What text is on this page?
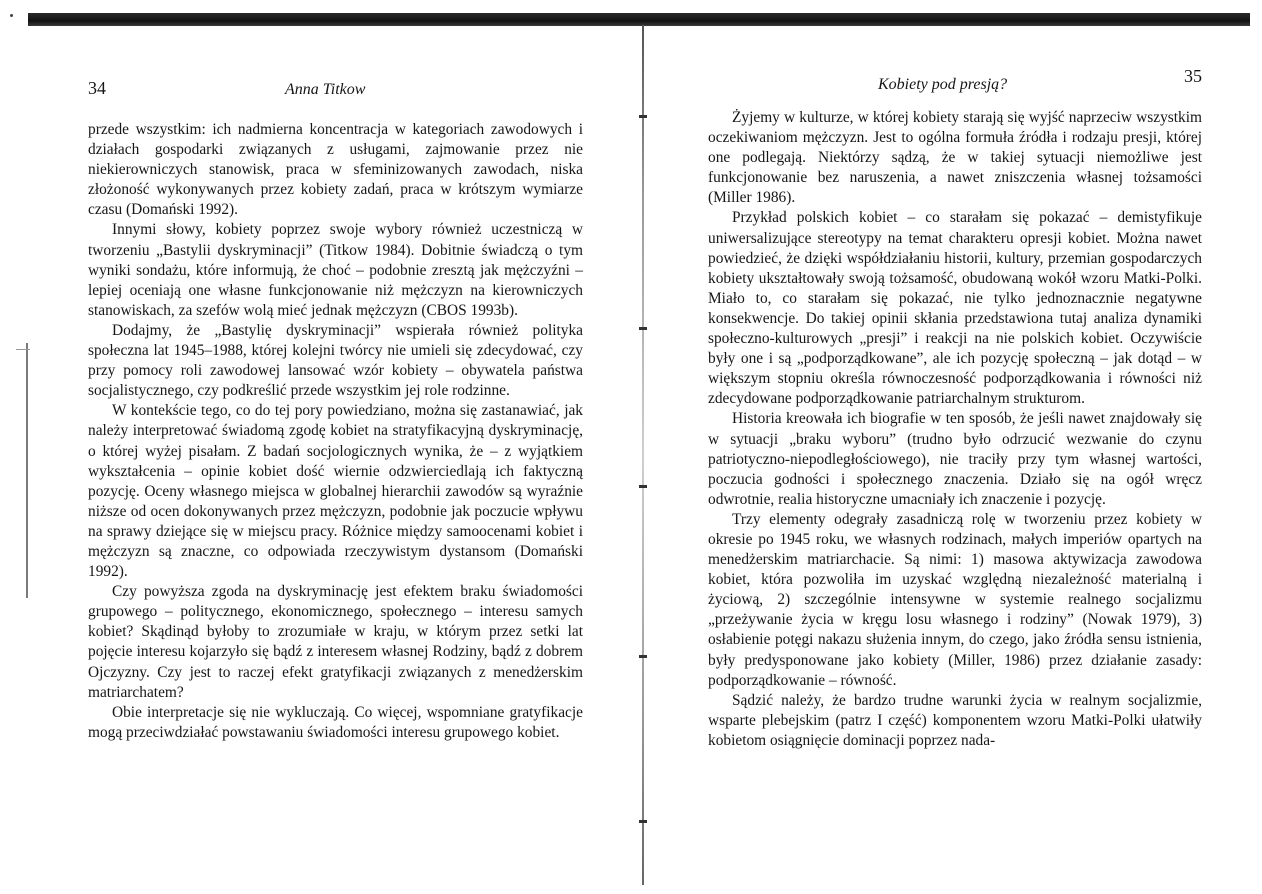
34	Anna Titkow

przede wszystkim: ich nadmierna koncentracja w kategoriach zawodowych i działach gospodarki związanych z usługami, zajmowanie przez nie niekierowniczych stanowisk, praca w sfeminizowanych zawodach, niska złożoność wykonywanych przez kobiety zadań, praca w krótszym wymiarze czasu (Domański 1992).

Innymi słowy, kobiety poprzez swoje wybory również uczestniczą w tworzeniu „Bastylii dyskryminacji” (Titkow 1984). Dobitnie świadczą o tym wyniki sondażu, które informują, że choć – podobnie zresztą jak mężczyźni – lepiej oceniają one własne funkcjonowanie niż mężczyzn na kierowniczych stanowiskach, za szefów wolą mieć jednak mężczyzn (CBOS 1993b).

Dodajmy, że „Bastylię dyskryminacji” wspierała również polityka społeczna lat 1945–1988, której kolejni twórcy nie umieli się zdecydować, czy przy pomocy roli zawodowej lansować wzór kobiety – obywatela państwa socjalistycznego, czy podkreślić przede wszystkim jej role rodzinne.

W kontekście tego, co do tej pory powiedziano, można się zastanawiać, jak należy interpretować świadomą zgodę kobiet na stratyfikacyjną dyskryminację, o której wyżej pisałam. Z badań socjologicznych wynika, że – z wyjątkiem wykształcenia – opinie kobiet dość wiernie odzwierciedlają ich faktyczną pozycję. Oceny własnego miejsca w globalnej hierarchii zawodów są wyraźnie niższe od ocen dokonywanych przez mężczyzn, podobnie jak poczucie wpływu na sprawy dziejące się w miejscu pracy. Różnice między samoocenami kobiet i mężczyzn są znaczne, co odpowiada rzeczywistym dystansom (Domański 1992).

Czy powyższa zgoda na dyskryminację jest efektem braku świadomości grupowego – politycznego, ekonomicznego, społecznego – interesu samych kobiet? Skądinąd byłoby to zrozumiałe w kraju, w którym przez setki lat pojęcie interesu kojarzyło się bądź z interesem własnej Rodziny, bądź z dobrem Ojczyzny. Czy jest to raczej efekt gratyfikacji związanych z menedżerskim matriarchatem?

Obie interpretacje się nie wykluczają. Co więcej, wspomniane gratyfikacje mogą przeciwdziałać powstawaniu świadomości interesu grupowego kobiet.

Kobiety pod presją?	35

Żyjemy w kulturze, w której kobiety starają się wyjść naprzeciw wszystkim oczekiwaniom mężczyzn. Jest to ogólna formuła źródła i rodzaju presji, której one podlegają. Niektórzy sądzą, że w takiej sytuacji niemożliwe jest funkcjonowanie bez naruszenia, a nawet zniszczenia własnej tożsamości (Miller 1986).

Przykład polskich kobiet – co starałam się pokazać – demistyfikuje uniwersalizujące stereotypy na temat charakteru opresji kobiet. Można nawet powiedzieć, że dzięki współdziałaniu historii, kultury, przemian gospodarczych kobiety ukształtowały swoją tożsamość, obudowaną wokół wzoru Matki-Polki. Miało to, co starałam się pokazać, nie tylko jednoznacznie negatywne konsekwencje. Do takiej opinii skłania przedstawiona tutaj analiza dynamiki społeczno-kulturowych „presji” i reakcji na nie polskich kobiet. Oczywiście były one i są „podporządkowane”, ale ich pozycję społeczną – jak dotąd – w większym stopniu określa równoczesność podporządkowania i równości niż zdecydowane podporządkowanie patriarchalnym strukturom.

Historia kreowała ich biografie w ten sposób, że jeśli nawet znajdowały się w sytuacji „braku wyboru” (trudno było odrzucić wezwanie do czynu patriotyczno-niepodległościowego), nie traciły przy tym własnej wartości, poczucia godności i społecznego znaczenia. Działo się na ogół wręcz odwrotnie, realia historyczne umacniały ich znaczenie i pozycję.

Trzy elementy odegrały zasadniczą rolę w tworzeniu przez kobiety w okresie po 1945 roku, we własnych rodzinach, małych imperiów opartych na menedżerskim matriarchacie. Są nimi: 1) masowa aktywizacja zawodowa kobiet, która pozwoliła im uzyskać względną niezależność materialną i życiową, 2) szczególnie intensywne w systemie realnego socjalizmu „przeżywanie życia w kręgu losu własnego i rodziny” (Nowak 1979), 3) osłabienie potęgi nakazu służenia innym, do czego, jako źródła sensu istnienia, były predysponowane jako kobiety (Miller, 1986) przez działanie zasady: podporządkowanie – równość.

Sądzić należy, że bardzo trudne warunki życia w realnym socjalizmie, wsparte plebejskim (patrz I część) komponentem wzoru Matki-Polki ułatwiły kobietom osiągnięcie dominacji poprzez nada-
